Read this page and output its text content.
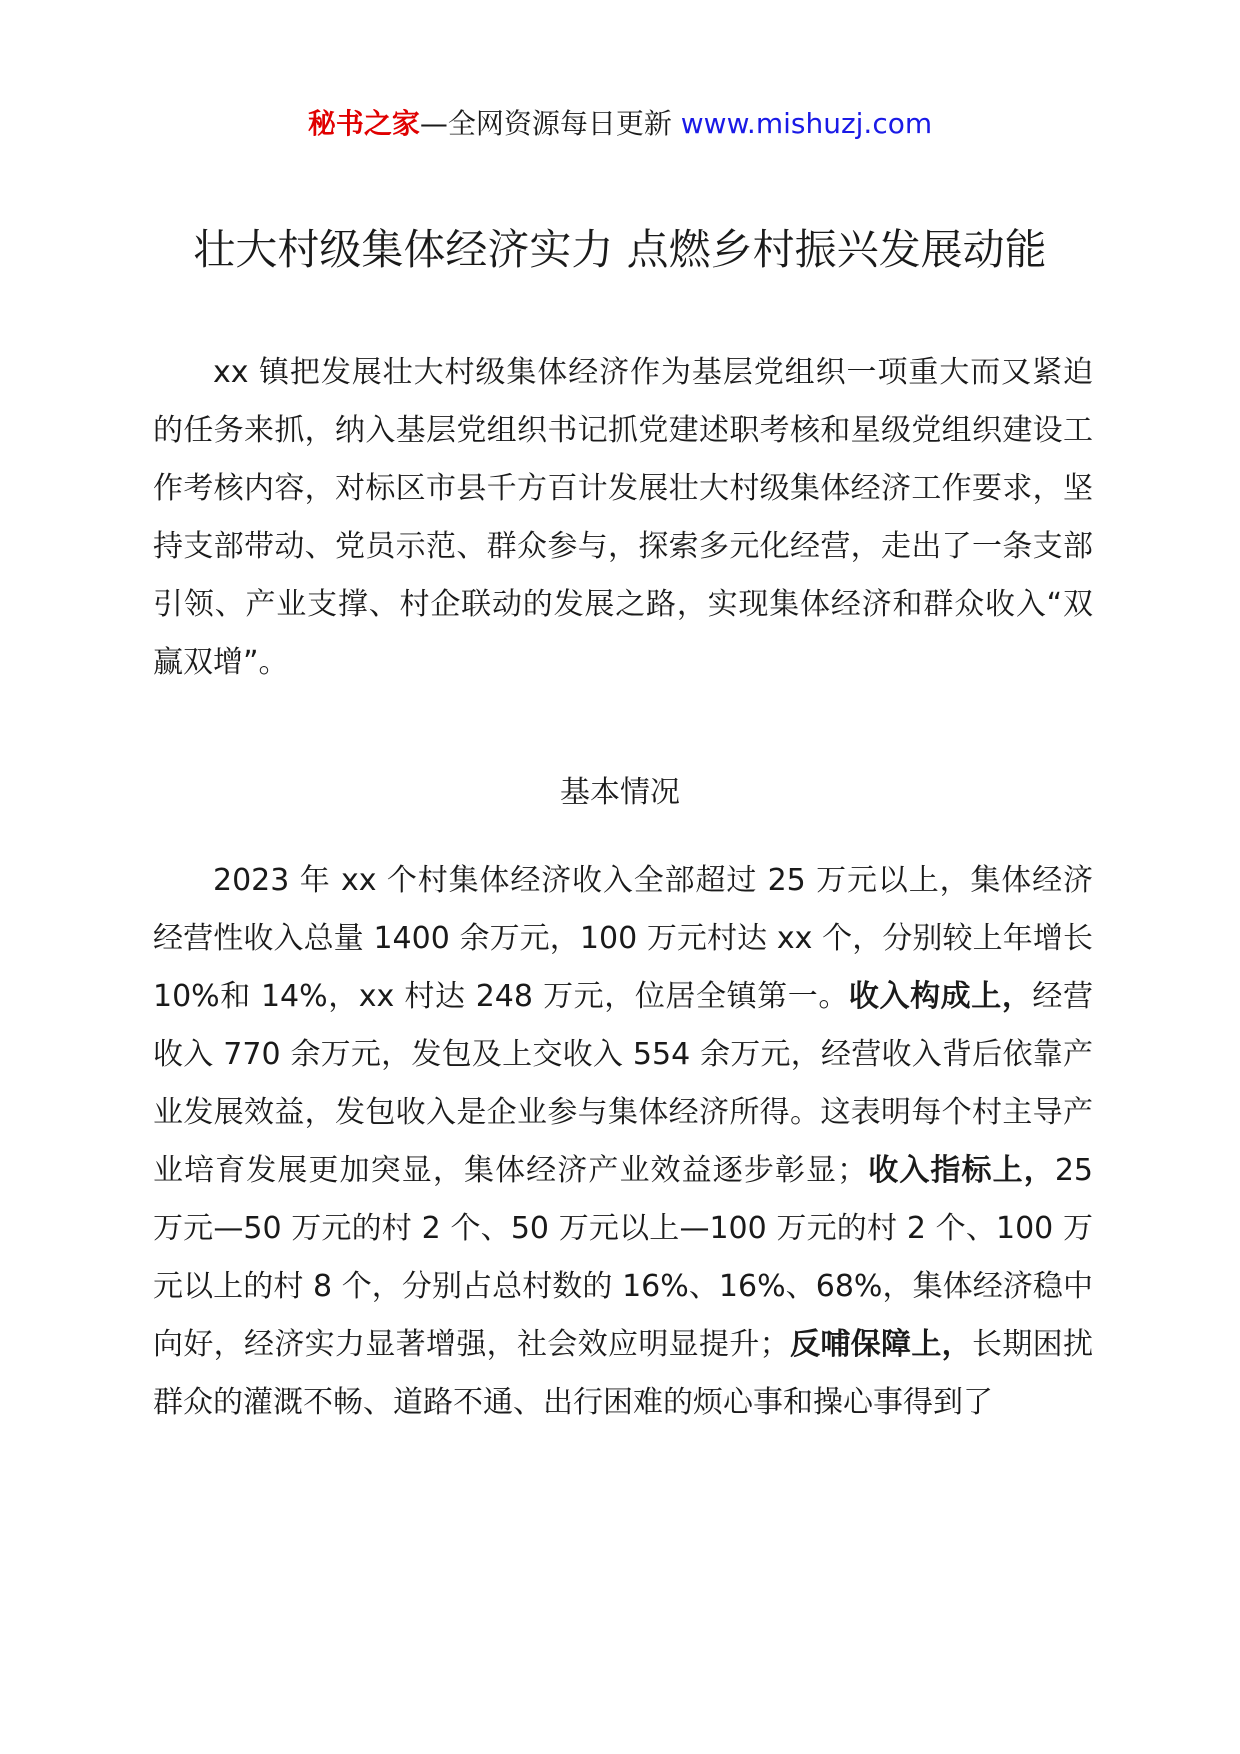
秘书之家—全网资源每日更新 www.mishuzj.com
壮大村级集体经济实力 点燃乡村振兴发展动能

xx 镇把发展壮大村级集体经济作为基层党组织一项重大而又紧迫的任务来抓，纳入基层党组织书记抓党建述职考核和星级党组织建设工作考核内容，对标区市县千方百计发展壮大村级集体经济工作要求，坚持支部带动、党员示范、群众参与，探索多元化经营，走出了一条支部引领、产业支撑、村企联动的发展之路，实现集体经济和群众收入“双赢双增”。

基本情况

2023 年 xx 个村集体经济收入全部超过 25 万元以上，集体经济经营性收入总量 1400 余万元，100 万元村达 xx 个，分别较上年增长 10%和 14%，xx 村达 248 万元，位居全镇第一。收入构成上，经营收入 770 余万元，发包及上交收入 554 余万元，经营收入背后依靠产业发展效益，发包收入是企业参与集体经济所得。这表明每个村主导产业培育发展更加突显，集体经济产业效益逐步彰显；收入指标上，25 万元—50 万元的村 2 个、50 万元以上—100 万元的村 2 个、100 万元以上的村 8 个，分别占总村数的 16%、16%、68%，集体经济稳中向好，经济实力显著增强，社会效应明显提升；反哺保障上，长期困扰群众的灌溉不畅、道路不通、出行困难的烦心事和操心事得到了
